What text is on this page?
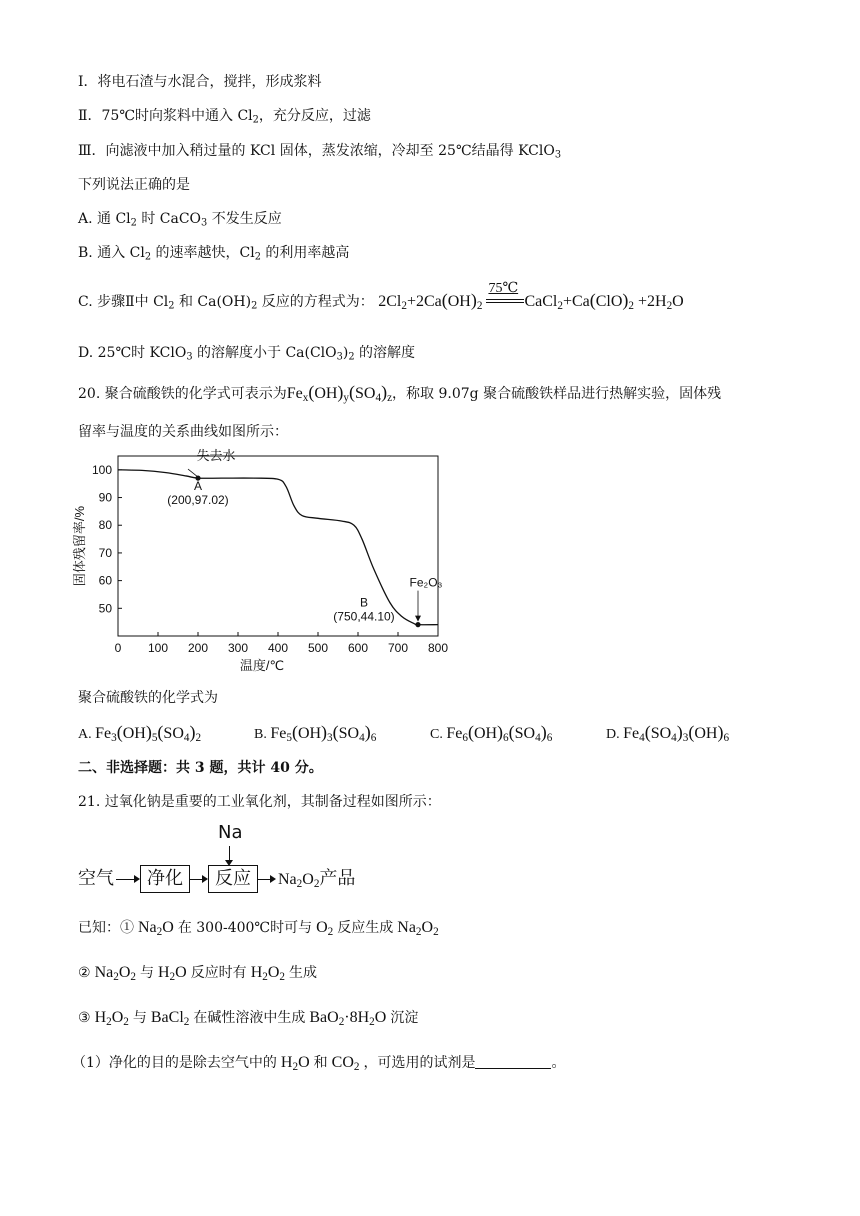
Ⅰ．将电石渣与水混合，搅拌，形成浆料
Ⅱ．75℃时向浆料中通入 $Cl_2$，充分反应，过滤
Ⅲ．向滤液中加入稍过量的 KCl 固体，蒸发浓缩，冷却至 25℃结晶得 KClO$_3$
下列说法正确的是
A. 通 $Cl_2$ 时 CaCO$_3$ 不发生反应
B. 通入 $Cl_2$ 的速率越快，$Cl_2$ 的利用率越高
C. 步骤Ⅱ中 $Cl_2$ 和 $Ca(OH)_2$ 反应的方程式为： $2Cl_2+2Ca(OH)_2$
75℃
$CaCl_2+Ca(ClO)_2 +2H_2O$
D. 25℃时 KClO$_3$ 的溶解度小于 $Ca(ClO_3)_2$ 的溶解度
20. 聚合硫酸铁的化学式可表示为$Fe_x(OH)_y(SO_4)_z$，称取 9.07g 聚合硫酸铁样品进行热解实验，固体残
留率与温度的关系曲线如图所示：
0 100 200 300 400 500 600 700 800
50
60
70
80
90
100
温度/℃
固体残留率/%
失去水
A
(200,97.02)
Fe₂O₃
B
(750,44.10)
聚合硫酸铁的化学式为
A. $Fe_3(OH)_5(SO_4)_2$	B. $Fe_5(OH)_3(SO_4)_6$	C. $Fe_6(OH)_6(SO_4)_6$	D. $Fe_4(SO_4)_3(OH)_6$
二、非选择题：共 3 题，共计 40 分。
21. 过氧化钠是重要的工业氧化剂，其制备过程如图所示：
Na
空气	净化	反应	$Na_2O_2$产品
已知：① $Na_2O$ 在 300-400℃时可与 $O_2$ 反应生成 $Na_2O_2$
② $Na_2O_2$ 与 $H_2O$ 反应时有 $H_2O_2$ 生成
③ $H_2O_2$ 与 BaCl$_2$ 在碱性溶液中生成 $BaO_2\cdot 8H_2O$ 沉淀
（1）净化的目的是除去空气中的 $H_2O$ 和 $CO_2$ ，可选用的试剂是	。
